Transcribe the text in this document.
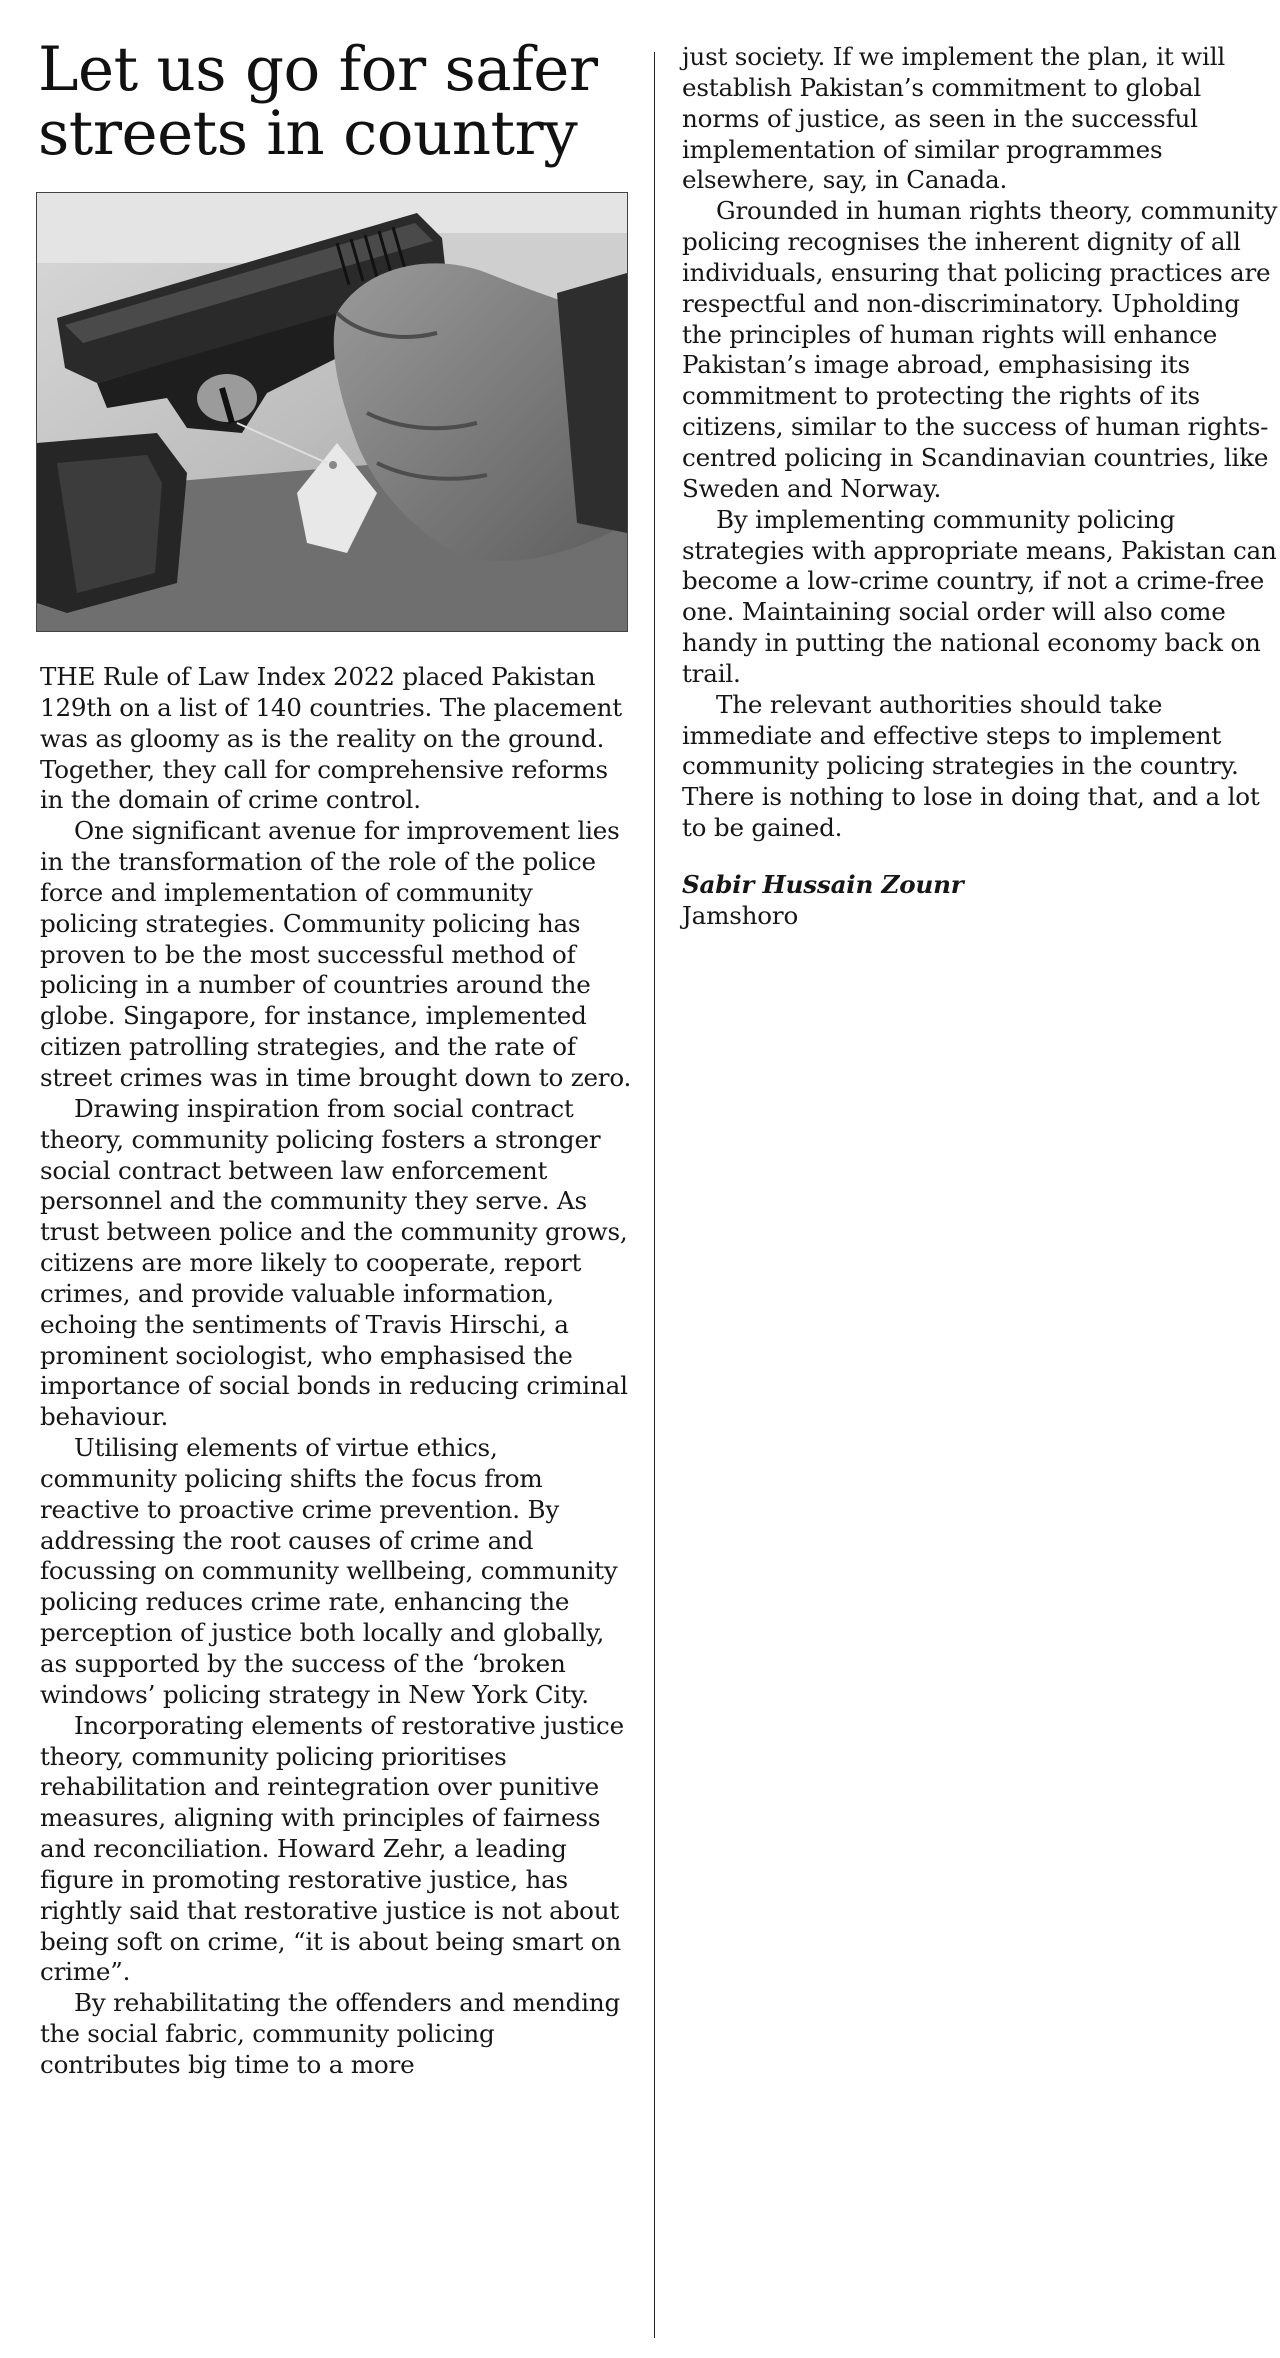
Let us go for safer streets in country

THE Rule of Law Index 2022 placed Pakistan 129th on a list of 140 countries. The placement was as gloomy as is the reality on the ground. Together, they call for comprehensive reforms in the domain of crime control.

One significant avenue for improvement lies in the transformation of the role of the police force and implementation of community policing strategies. Community policing has proven to be the most successful method of policing in a number of countries around the globe. Singapore, for instance, implemented citizen patrolling strategies, and the rate of street crimes was in time brought down to zero.

Drawing inspiration from social contract theory, community policing fosters a stronger social contract between law enforcement personnel and the community they serve. As trust between police and the community grows, citizens are more likely to cooperate, report crimes, and provide valuable information, echoing the sentiments of Travis Hirschi, a prominent sociologist, who emphasised the importance of social bonds in reducing criminal behaviour.

Utilising elements of virtue ethics, community policing shifts the focus from reactive to proactive crime prevention. By addressing the root causes of crime and focussing on community wellbeing, community policing reduces crime rate, enhancing the perception of justice both locally and globally, as supported by the success of the ‘broken windows’ policing strategy in New York City.

Incorporating elements of restorative justice theory, community policing prioritises rehabilitation and reintegration over punitive measures, aligning with principles of fairness and reconciliation. Howard Zehr, a leading figure in promoting restorative justice, has rightly said that restorative justice is not about being soft on crime, “it is about being smart on crime”.

By rehabilitating the offenders and mending the social fabric, community policing contributes big time to a more

just society. If we implement the plan, it will establish Pakistan’s commitment to global norms of justice, as seen in the successful implementation of similar programmes elsewhere, say, in Canada.

Grounded in human rights theory, community policing recognises the inherent dignity of all individuals, ensuring that policing practices are respectful and non-discriminatory. Upholding the principles of human rights will enhance Pakistan’s image abroad, emphasising its commitment to protecting the rights of its citizens, similar to the success of human rights-centred policing in Scandinavian countries, like Sweden and Norway.

By implementing community policing strategies with appropriate means, Pakistan can become a low-crime country, if not a crime-free one. Maintaining social order will also come handy in putting the national economy back on trail.

The relevant authorities should take immediate and effective steps to implement community policing strategies in the country. There is nothing to lose in doing that, and a lot to be gained.

Sabir Hussain Zounr
Jamshoro
